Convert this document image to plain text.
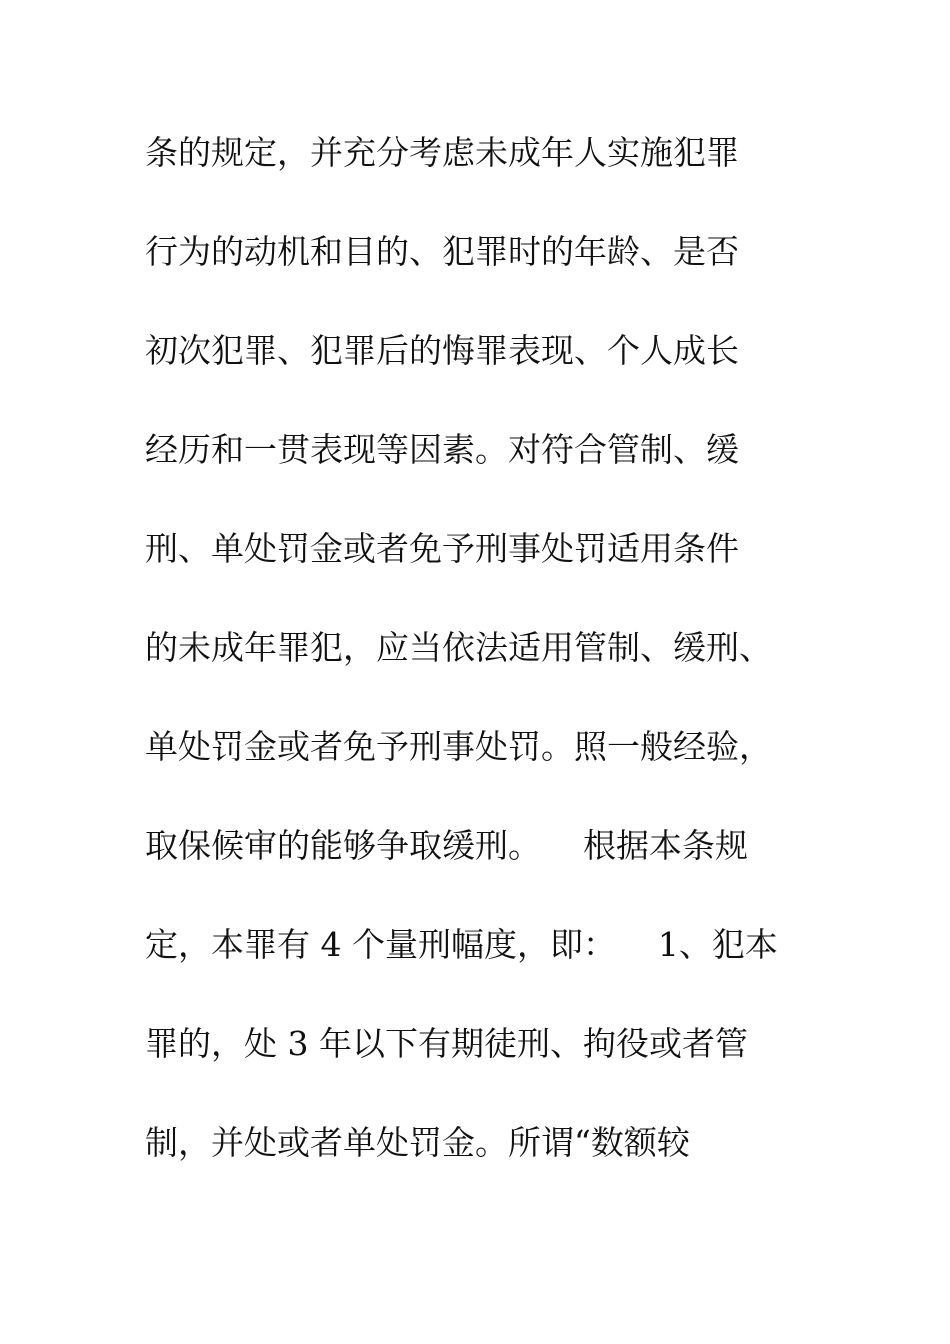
条的规定，并充分考虑未成年人实施犯罪
行为的动机和目的、犯罪时的年龄、是否
初次犯罪、犯罪后的悔罪表现、个人成长
经历和一贯表现等因素。对符合管制、缓
刑、单处罚金或者免予刑事处罚适用条件
的未成年罪犯，应当依法适用管制、缓刑、
单处罚金或者免予刑事处罚。照一般经验，
取保候审的能够争取缓刑。    根据本条规
定，本罪有 4 个量刑幅度，即：    1、犯本
罪的，处 3 年以下有期徒刑、拘役或者管
制，并处或者单处罚金。所谓“数额较
